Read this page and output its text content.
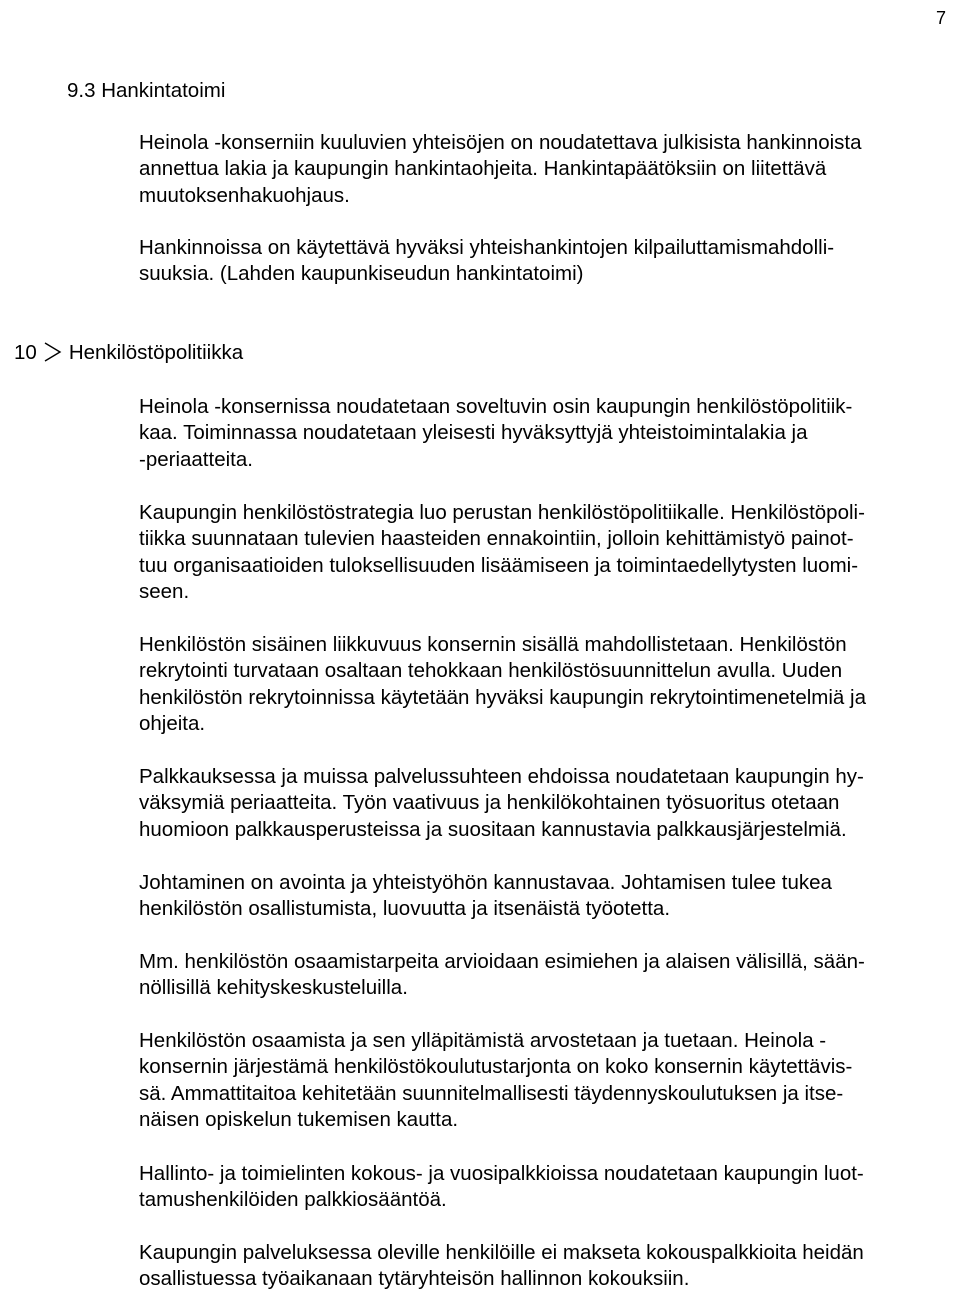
7
9.3 Hankintatoimi

Heinola -konserniin kuuluvien yhteisöjen on noudatettava julkisista hankinnoista
annettua lakia ja kaupungin hankintaohjeita. Hankintapäätöksiin on liitettävä
muutoksenhakuohjaus.

Hankinnoissa on käytettävä hyväksi yhteishankintojen kilpailuttamismahdolli-
suuksia. (Lahden kaupunkiseudun hankintatoimi)

10 Henkilöstöpolitiikka

Heinola -konsernissa noudatetaan soveltuvin osin kaupungin henkilöstöpolitiik-
kaa. Toiminnassa noudatetaan yleisesti hyväksyttyjä yhteistoimintalakia ja
-periaatteita.

Kaupungin henkilöstöstrategia luo perustan henkilöstöpolitiikalle. Henkilöstöpoli-
tiikka suunnataan tulevien haasteiden ennakointiin, jolloin kehittämistyö painot-
tuu organisaatioiden tuloksellisuuden lisäämiseen ja toimintaedellytysten luomi-
seen.

Henkilöstön sisäinen liikkuvuus konsernin sisällä mahdollistetaan. Henkilöstön
rekrytointi turvataan osaltaan tehokkaan henkilöstösuunnittelun avulla. Uuden
henkilöstön rekrytoinnissa käytetään hyväksi kaupungin rekrytointimenetelmiä ja
ohjeita.

Palkkauksessa ja muissa palvelussuhteen ehdoissa noudatetaan kaupungin hy-
väksymiä periaatteita. Työn vaativuus ja henkilökohtainen työsuoritus otetaan
huomioon palkkausperusteissa ja suositaan kannustavia palkkausjärjestelmiä.

Johtaminen on avointa ja yhteistyöhön kannustavaa. Johtamisen tulee tukea
henkilöstön osallistumista, luovuutta ja itsenäistä työotetta.

Mm. henkilöstön osaamistarpeita arvioidaan esimiehen ja alaisen välisillä, sään-
nöllisillä kehityskeskusteluilla.

Henkilöstön osaamista ja sen ylläpitämistä arvostetaan ja tuetaan. Heinola -
konsernin järjestämä henkilöstökoulutustarjonta on koko konsernin käytettävis-
sä. Ammattitaitoa kehitetään suunnitelmallisesti täydennyskoulutuksen ja itse-
näisen opiskelun tukemisen kautta.

Hallinto- ja toimielinten kokous- ja vuosipalkkioissa noudatetaan kaupungin luot-
tamushenkilöiden palkkiosääntöä.

Kaupungin palveluksessa oleville henkilöille ei makseta kokouspalkkioita heidän
osallistuessa työaikanaan tytäryhteisön hallinnon kokouksiin.
